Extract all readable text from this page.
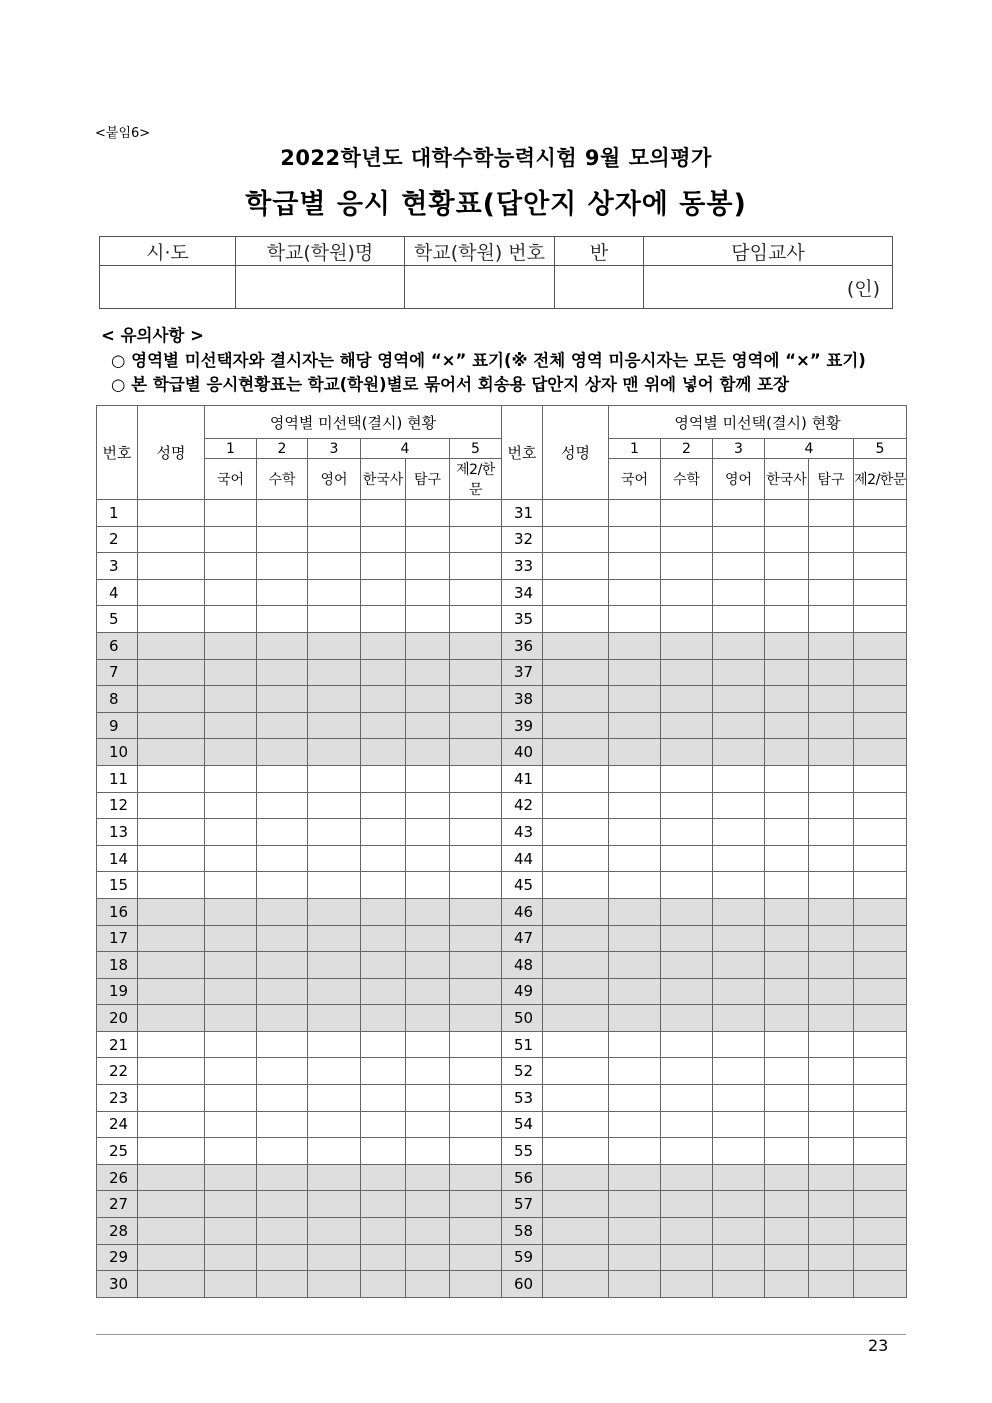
<붙임6>
2022학년도 대학수학능력시험 9월 모의평가
학급별 응시 현황표(답안지 상자에 동봉)
시·도	학교(학원)명	학교(학원) 번호	반	담임교사
				(인)
< 유의사항 >
○ 영역별 미선택자와 결시자는 해당 영역에 “×” 표기(※ 전체 영역 미응시자는 모든 영역에 “×” 표기)
○ 본 학급별 응시현황표는 학교(학원)별로 묶어서 회송용 답안지 상자 맨 위에 넣어 함께 포장
번호	성명	영역별 미선택(결시) 현황						번호	성명	영역별 미선택(결시) 현황					
		1	2	3	4		5			1	2	3	4		5
		국어	수학	영어	한국사	탐구	제2/한문			국어	수학	영어	한국사	탐구	제2/한문
1								31							
2								32							
3								33							
4								34							
5								35							
6								36							
7								37							
8								38							
9								39							
10								40							
11								41							
12								42							
13								43							
14								44							
15								45							
16								46							
17								47							
18								48							
19								49							
20								50							
21								51							
22								52							
23								53							
24								54							
25								55							
26								56							
27								57							
28								58							
29								59							
30								60							
23
